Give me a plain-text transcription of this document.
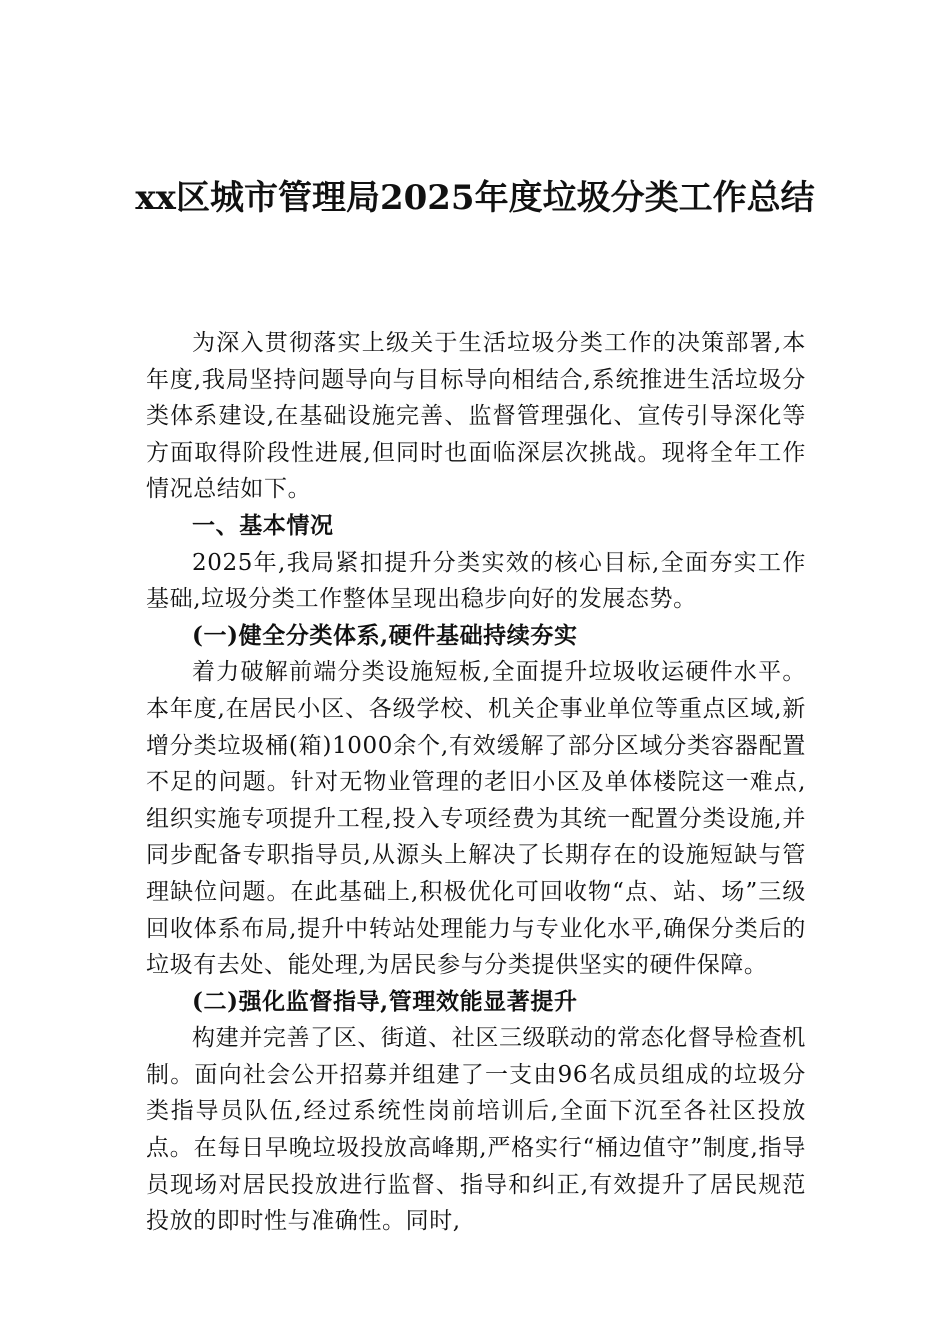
xx区城市管理局2025年度垃圾分类工作总结

为深入贯彻落实上级关于生活垃圾分类工作的决策部署,本年度,我局坚持问题导向与目标导向相结合,系统推进生活垃圾分类体系建设,在基础设施完善、监督管理强化、宣传引导深化等方面取得阶段性进展,但同时也面临深层次挑战。现将全年工作情况总结如下。

一、基本情况

2025年,我局紧扣提升分类实效的核心目标,全面夯实工作基础,垃圾分类工作整体呈现出稳步向好的发展态势。

(一)健全分类体系,硬件基础持续夯实

着力破解前端分类设施短板,全面提升垃圾收运硬件水平。本年度,在居民小区、各级学校、机关企事业单位等重点区域,新增分类垃圾桶(箱)1000余个,有效缓解了部分区域分类容器配置不足的问题。针对无物业管理的老旧小区及单体楼院这一难点,组织实施专项提升工程,投入专项经费为其统一配置分类设施,并同步配备专职指导员,从源头上解决了长期存在的设施短缺与管理缺位问题。在此基础上,积极优化可回收物“点、站、场”三级回收体系布局,提升中转站处理能力与专业化水平,确保分类后的垃圾有去处、能处理,为居民参与分类提供坚实的硬件保障。

(二)强化监督指导,管理效能显著提升

构建并完善了区、街道、社区三级联动的常态化督导检查机制。面向社会公开招募并组建了一支由96名成员组成的垃圾分类指导员队伍,经过系统性岗前培训后,全面下沉至各社区投放点。在每日早晚垃圾投放高峰期,严格实行“桶边值守”制度,指导员现场对居民投放进行监督、指导和纠正,有效提升了居民规范投放的即时性与准确性。同时,
